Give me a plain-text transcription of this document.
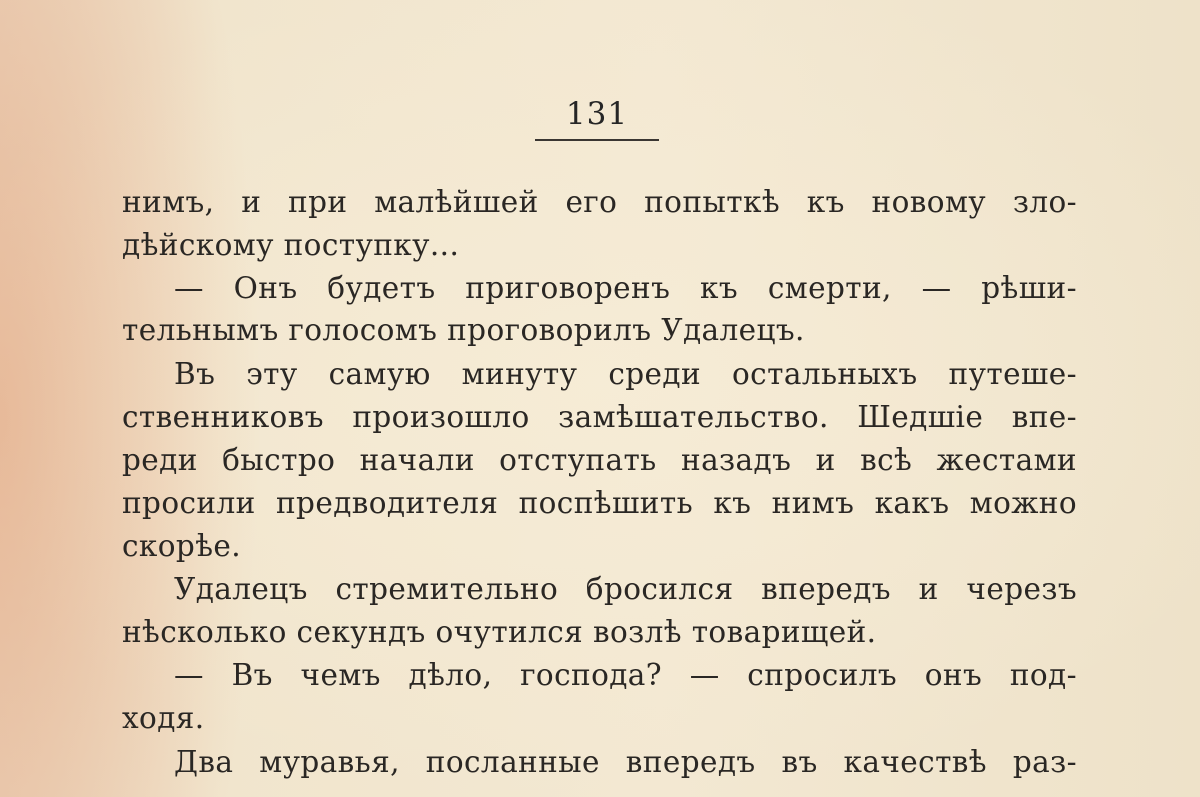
131
нимъ, и при малѣйшей его попыткѣ къ новому зло-
дѣйскому поступку...
— Онъ будетъ приговоренъ къ смерти, — рѣши-
тельнымъ голосомъ проговорилъ Удалецъ.
Въ эту самую минуту среди остальныхъ путеше-
ственниковъ произошло замѣшательство. Шедшіе впе-
реди быстро начали отступать назадъ и всѣ жестами
просили предводителя поспѣшить къ нимъ какъ можно
скорѣе.
Удалецъ стремительно бросился впередъ и черезъ
нѣсколько секундъ очутился возлѣ товарищей.
— Въ чемъ дѣло, господа? — спросилъ онъ под-
ходя.
Два муравья, посланные впередъ въ качествѣ раз-
